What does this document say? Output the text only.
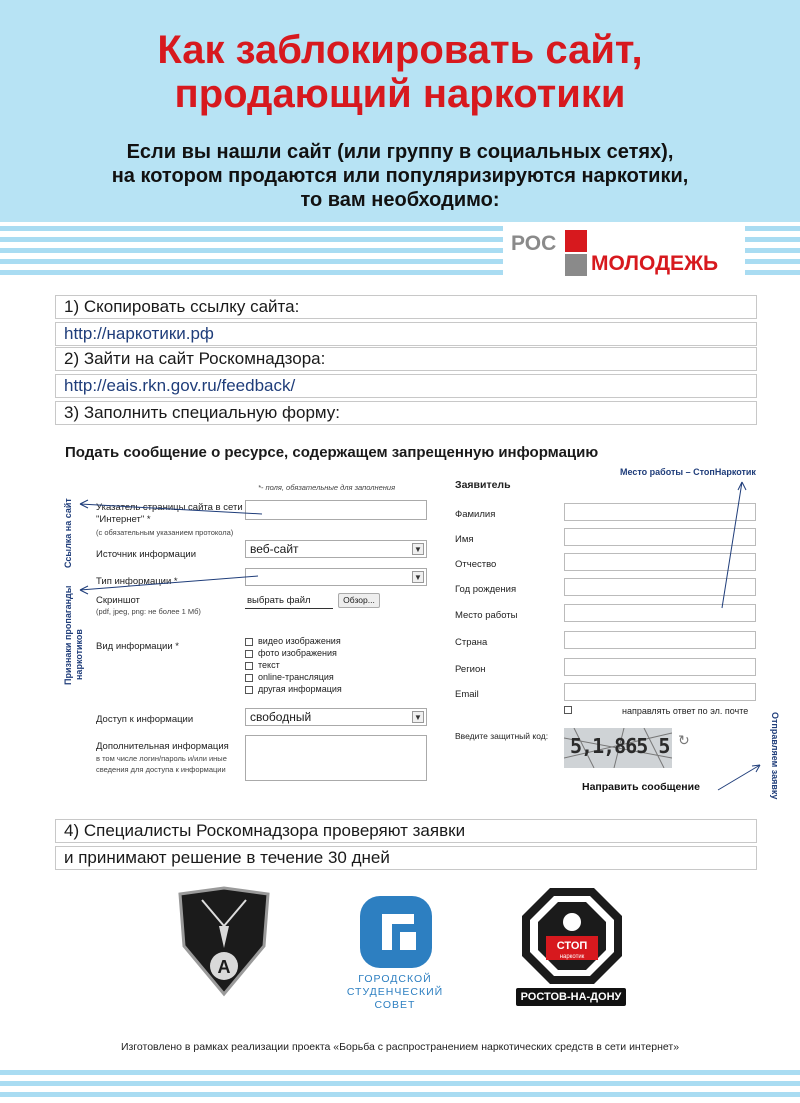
Как заблокировать сайт,
продающий наркотики
Если вы нашли сайт (или группу в социальных сетях),
на котором продаются или популяризируются наркотики,
то вам необходимо:
РОС
МОЛОДЕЖЬ
1) Скопировать ссылку сайта:
http://наркотики.рф
2) Зайти на сайт Роскомнадзора:
http://eais.rkn.gov.ru/feedback/
3) Заполнить специальную форму:
Подать сообщение о ресурсе, содержащем запрещенную информацию
*- поля, обязательные для заполнения
Указатель страницы сайта в сети
"Интернет" *
(с обязательным указанием протокола)
Источник информации	веб-сайт	▼
Тип информации *	▼
Скриншот
(pdf, jpeg, png: не более 1 Мб)
выбрать файл	Обзор...
Вид информации *	видео изображения
фото изображения
текст
online-трансляция
другая информация
Доступ к информации	свободный	▼
Дополнительная информация
в том числе логин/пароль и/или иные
сведения для доступа к информации
Заявитель
Фамилия
Имя
Отчество
Год рождения
Место работы
Страна
Регион
Email
направлять ответ по эл. почте
Введите защитный код: 5,1,865 5 ↻
Направить сообщение
Место работы – СтопНаркотик
Ссылка на сайт
Признаки пропаганды наркотиков
Отправляем заявку
4) Специалисты Роскомнадзора проверяют заявки
и принимают решение в течение 30 дней
А
ГОРОДСКОЙ
СТУДЕНЧЕСКИЙ
СОВЕТ
СТОП
наркотик
РОСТОВ-НА-ДОНУ
Изготовлено в рамках реализации проекта «Борьба с распространением наркотических средств в сети интернет»
